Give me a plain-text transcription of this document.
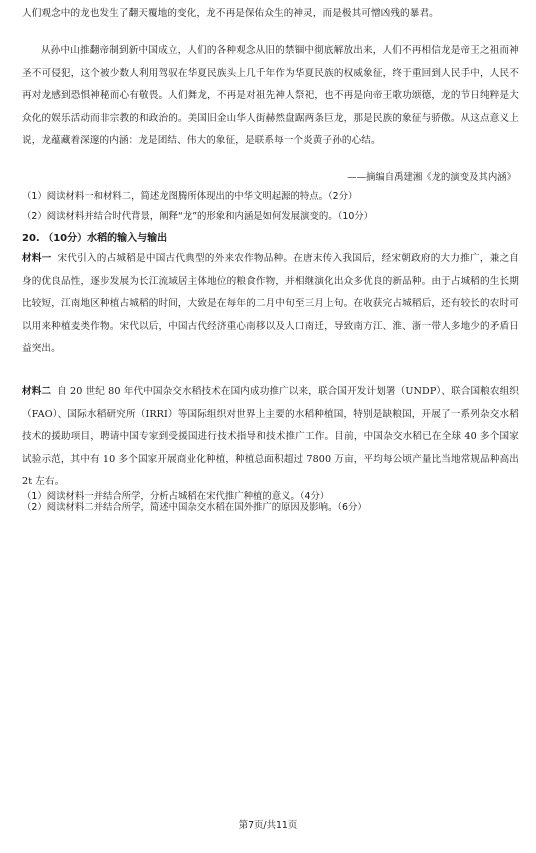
人们观念中的龙也发生了翻天覆地的变化，龙不再是保佑众生的神灵，而是极其可憎凶残的暴君。

从孙中山推翻帝制到新中国成立，人们的各种观念从旧的禁锢中彻底解放出来，人们不再相信龙是帝王之祖而神圣不可侵犯，这个被少数人利用驾驭在华夏民族头上几千年作为华夏民族的权威象征，终于重回到人民手中，人民不再对龙感到恐惧神秘而心有敬畏。人们舞龙，不再是对祖先神人祭祀，也不再是向帝王歌功颂德，龙的节日纯粹是大众化的娱乐活动而非宗教的和政治的。美国旧金山华人街赫然盘踞两条巨龙，那是民族的象征与骄傲。从这点意义上说，龙蕴藏着深邃的内涵：龙是团结、伟大的象征，是联系每一个炎黄子孙的心结。

——摘编自禹建湘《龙的演变及其内涵》

（1）阅读材料一和材料二，简述龙图腾所体现出的中华文明起源的特点。（2分）

（2）阅读材料并结合时代背景，阐释“龙”的形象和内涵是如何发展演变的。（10分）

20. （10分）水稻的输入与输出

材料一 宋代引入的占城稻是中国古代典型的外来农作物品种。在唐末传入我国后，经宋朝政府的大力推广，兼之自身的优良品性，逐步发展为长江流域居主体地位的粮食作物，并相继演化出众多优良的新品种。由于占城稻的生长期比较短，江南地区种植占城稻的时间，大致是在每年的二月中旬至三月上旬。在收获完占城稻后，还有较长的农时可以用来种植麦类作物。宋代以后，中国古代经济重心南移以及人口南迁，导致南方江、淮、浙一带人多地少的矛盾日益突出。

材料二 自 20 世纪 80 年代中国杂交水稻技术在国内成功推广以来，联合国开发计划署（UNDP）、联合国粮农组织（FAO）、国际水稻研究所（IRRI）等国际组织对世界上主要的水稻种植国，特别是缺粮国，开展了一系列杂交水稻技术的援助项目，聘请中国专家到受援国进行技术指导和技术推广工作。目前，中国杂交水稻已在全球 40 多个国家试验示范，其中有 10 多个国家开展商业化种植，种植总面积超过 7800 万亩，平均每公顷产量比当地常规品种高出 2t 左右。

（1）阅读材料一并结合所学，分析占城稻在宋代推广种植的意义。（4分）

（2）阅读材料二并结合所学，简述中国杂交水稻在国外推广的原因及影响。（6分）

第7页/共11页
